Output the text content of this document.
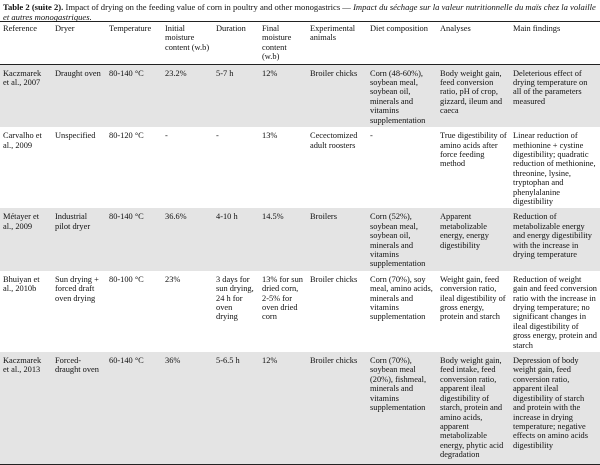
Table 2 (suite 2). Impact of drying on the feeding value of corn in poultry and other monogastrics — Impact du séchage sur la valeur nutritionnelle du maïs chez la volaille et autres monogastriques.
Reference	Dryer	Temperature	Initial moisture content (w.b)	Duration	Final moisture content (w.b)	Experimental animals	Diet composition	Analyses	Main findings
Kaczmarek et al., 2007	Draught oven	80-140 °C	23.2%	5-7 h	12%	Broiler chicks	Corn (48-60%), soybean meal, soybean oil, minerals and vitamins supplementation	Body weight gain, feed conversion ratio, pH of crop, gizzard, ileum and caeca	Deleterious effect of drying temperature on all of the parameters measured
Carvalho et al., 2009	Unspecified	80-120 °C	-	-	13%	Cecectomized adult roosters	-	True digestibility of amino acids after force feeding method	Linear reduction of methionine + cystine digestibility; quadratic reduction of methionine, threonine, lysine, tryptophan and phenylalanine digestibility
Métayer et al., 2009	Industrial pilot dryer	80-140 °C	36.6%	4-10 h	14.5%	Broilers	Corn (52%), soybean meal, soybean oil, minerals and vitamins supplementation	Apparent metabolizable energy, energy digestibility	Reduction of metabolizable energy and energy digestibility with the increase in drying temperature
Bhuiyan et al., 2010b	Sun drying + forced draft oven drying	80-100 °C	23%	3 days for sun drying, 24 h for oven drying	13% for sun dried corn, 2-5% for oven dried corn	Broiler chicks	Corn (70%), soy meal, amino acids, minerals and vitamins supplementation	Weight gain, feed conversion ratio, ileal digestibility of gross energy, protein and starch	Reduction of weight gain and feed conversion ratio with the increase in drying temperature; no significant changes in ileal digestibility of gross energy, protein and starch
Kaczmarek et al., 2013	Forced-draught oven	60-140 °C	36%	5-6.5 h	12%	Broiler chicks	Corn (70%), soybean meal (20%), fishmeal, minerals and vitamins supplementation	Body weight gain, feed intake, feed conversion ratio, apparent ileal digestibility of starch, protein and amino acids, apparent metabolizable energy, phytic acid degradation	Depression of body weight gain, feed conversion ratio, apparent ileal digestibility of starch and protein with the increase in drying temperature; negative effects on amino acids digestibility
